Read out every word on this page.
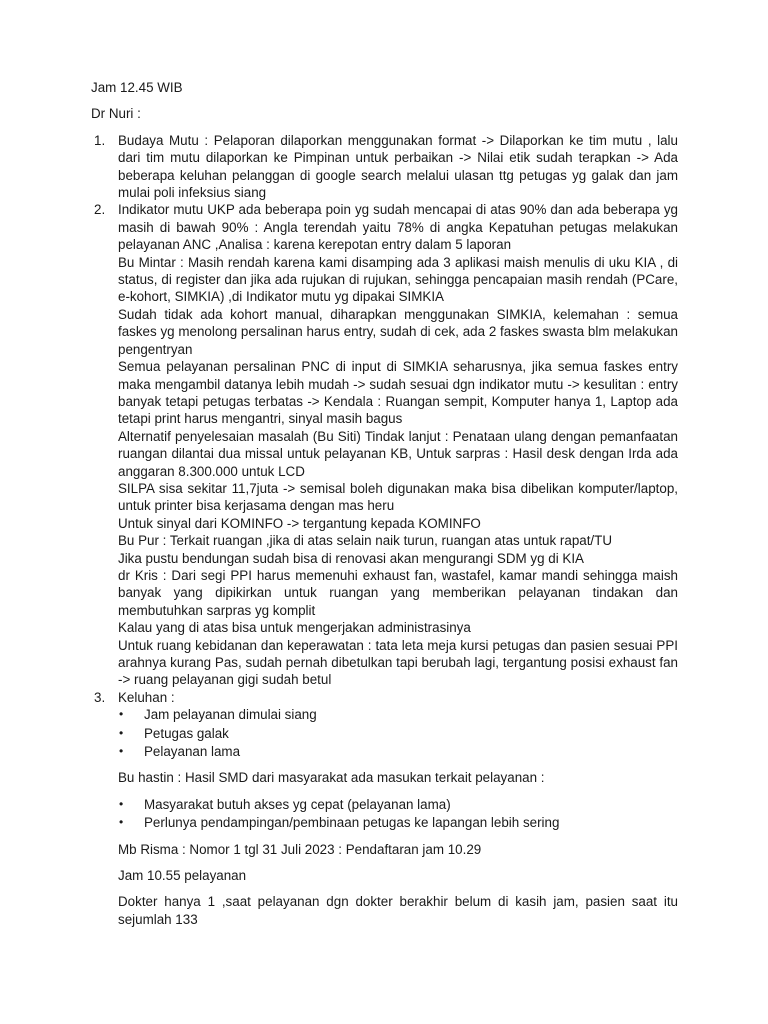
Jam 12.45 WIB

Dr Nuri :

1. Budaya Mutu : Pelaporan dilaporkan menggunakan format -> Dilaporkan ke tim mutu , lalu dari tim mutu dilaporkan ke Pimpinan untuk perbaikan -> Nilai etik sudah terapkan -> Ada beberapa keluhan pelanggan di google search melalui ulasan ttg petugas yg galak dan jam mulai poli infeksius siang

2. Indikator mutu UKP ada beberapa poin yg sudah mencapai di atas 90% dan ada beberapa yg masih di bawah 90% : Angla terendah yaitu 78% di angka Kepatuhan petugas melakukan pelayanan ANC ,Analisa : karena kerepotan entry dalam 5 laporan

Bu Mintar : Masih rendah karena kami disamping ada 3 aplikasi maish menulis di uku KIA , di status, di register dan jika ada rujukan di rujukan, sehingga pencapaian masih rendah (PCare, e-kohort, SIMKIA) ,di Indikator mutu yg dipakai SIMKIA

Sudah tidak ada kohort manual, diharapkan menggunakan SIMKIA, kelemahan : semua faskes yg menolong persalinan harus entry, sudah di cek, ada 2 faskes swasta blm melakukan pengentryan

Semua pelayanan persalinan PNC di input di SIMKIA seharusnya, jika semua faskes entry maka mengambil datanya lebih mudah -> sudah sesuai dgn indikator mutu -> kesulitan : entry banyak tetapi petugas terbatas -> Kendala : Ruangan sempit, Komputer hanya 1, Laptop ada tetapi print harus mengantri, sinyal masih bagus

Alternatif penyelesaian masalah (Bu Siti) Tindak lanjut : Penataan ulang dengan pemanfaatan ruangan dilantai dua missal untuk pelayanan KB, Untuk sarpras : Hasil desk dengan Irda ada anggaran 8.300.000 untuk LCD

SILPA sisa sekitar 11,7juta -> semisal boleh digunakan maka bisa dibelikan komputer/laptop, untuk printer bisa kerjasama dengan mas heru

Untuk sinyal dari KOMINFO -> tergantung kepada KOMINFO

Bu Pur : Terkait ruangan ,jika di atas selain naik turun, ruangan atas untuk rapat/TU

Jika pustu bendungan sudah bisa di renovasi akan mengurangi SDM yg di KIA

dr Kris : Dari segi PPI harus memenuhi exhaust fan, wastafel, kamar mandi sehingga maish banyak yang dipikirkan untuk ruangan yang memberikan pelayanan tindakan dan membutuhkan sarpras yg komplit

Kalau yang di atas bisa untuk mengerjakan administrasinya

Untuk ruang kebidanan dan keperawatan : tata leta meja kursi petugas dan pasien sesuai PPI arahnya kurang Pas, sudah pernah dibetulkan tapi berubah lagi, tergantung posisi exhaust fan -> ruang pelayanan gigi sudah betul

3. Keluhan :

• Jam pelayanan dimulai siang
• Petugas galak
• Pelayanan lama

Bu hastin : Hasil SMD dari masyarakat ada masukan terkait pelayanan :

• Masyarakat butuh akses yg cepat (pelayanan lama)
• Perlunya pendampingan/pembinaan petugas ke lapangan lebih sering

Mb Risma : Nomor 1 tgl 31 Juli 2023 : Pendaftaran jam 10.29

Jam 10.55 pelayanan

Dokter hanya 1 ,saat pelayanan dgn dokter berakhir belum di kasih jam, pasien saat itu sejumlah 133
